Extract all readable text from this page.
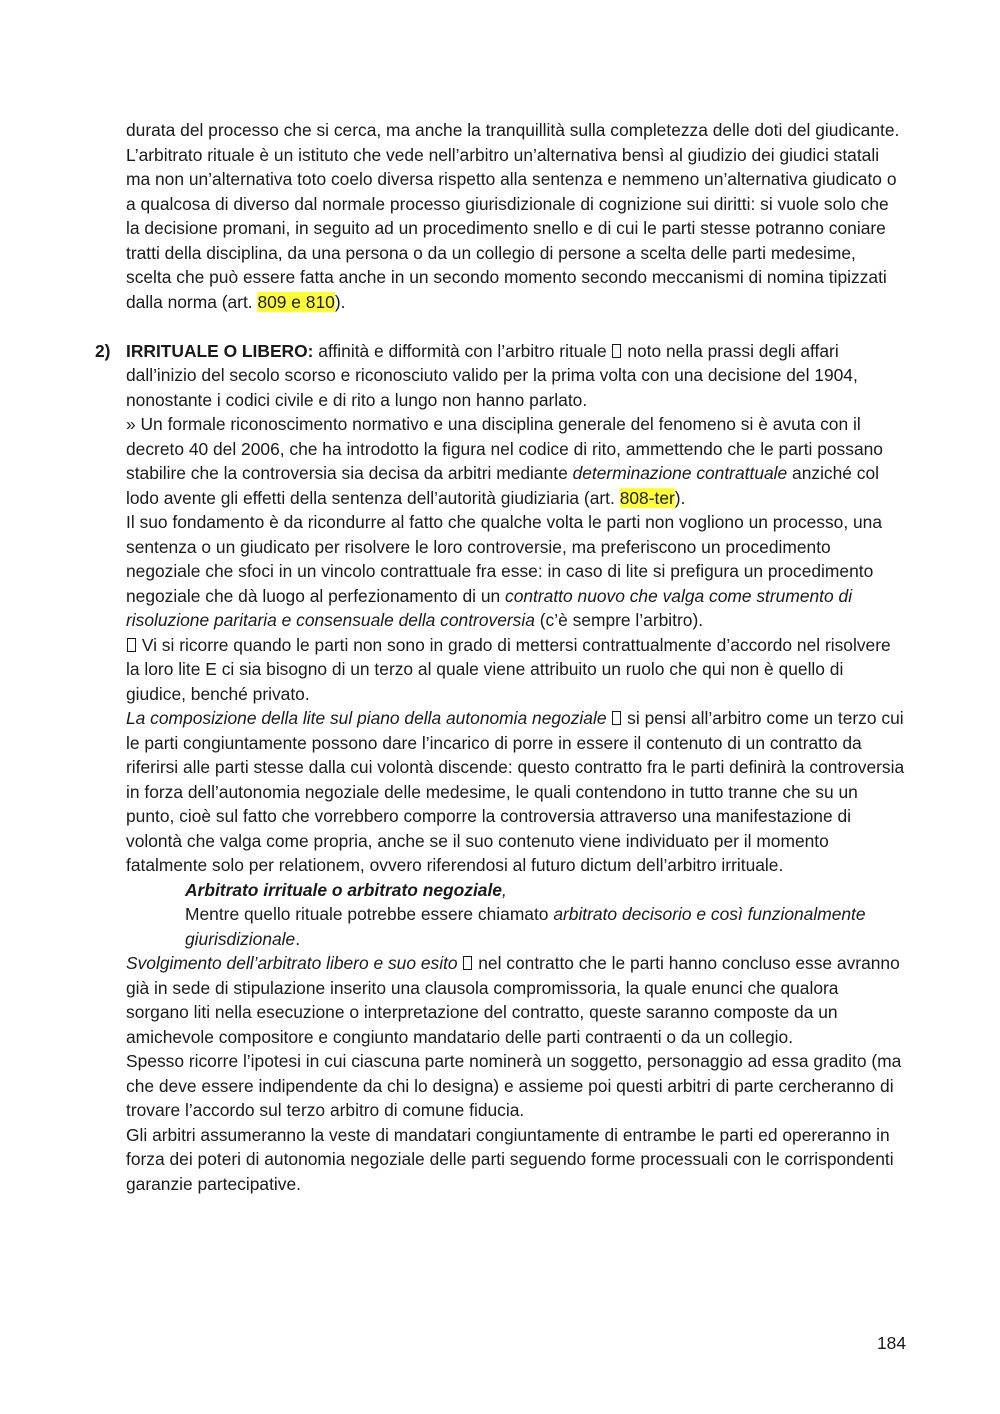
durata del processo che si cerca, ma anche la tranquillità sulla completezza delle doti del giudicante.

L’arbitrato rituale è un istituto che vede nell’arbitro un’alternativa bensì al giudizio dei giudici statali ma non un’alternativa toto coelo diversa rispetto alla sentenza e nemmeno un’alternativa giudicato o a qualcosa di diverso dal normale processo giurisdizionale di cognizione sui diritti: si vuole solo che la decisione promani, in seguito ad un procedimento snello e di cui le parti stesse potranno coniare tratti della disciplina, da una persona o da un collegio di persone a scelta delle parti medesime, scelta che può essere fatta anche in un secondo momento secondo meccanismi di nomina tipizzati dalla norma (art. 809 e 810).

2) IRRITUALE O LIBERO: affinità e difformità con l’arbitro rituale  noto nella prassi degli affari dall’inizio del secolo scorso e riconosciuto valido per la prima volta con una decisione del 1904, nonostante i codici civile e di rito a lungo non hanno parlato.

» Un formale riconoscimento normativo e una disciplina generale del fenomeno si è avuta con il decreto 40 del 2006, che ha introdotto la figura nel codice di rito, ammettendo che le parti possano stabilire che la controversia sia decisa da arbitri mediante determinazione contrattuale anziché col lodo avente gli effetti della sentenza dell’autorità giudiziaria (art. 808-ter).

Il suo fondamento è da ricondurre al fatto che qualche volta le parti non vogliono un processo, una sentenza o un giudicato per risolvere le loro controversie, ma preferiscono un procedimento negoziale che sfoci in un vincolo contrattuale fra esse: in caso di lite si prefigura un procedimento negoziale che dà luogo al perfezionamento di un contratto nuovo che valga come strumento di risoluzione paritaria e consensuale della controversia (c’è sempre l’arbitro).

Vi si ricorre quando le parti non sono in grado di mettersi contrattualmente d’accordo nel risolvere la loro lite E ci sia bisogno di un terzo al quale viene attribuito un ruolo che qui non è quello di giudice, benché privato.

La composizione della lite sul piano della autonomia negoziale  si pensi all’arbitro come un terzo cui le parti congiuntamente possono dare l’incarico di porre in essere il contenuto di un contratto da riferirsi alle parti stesse dalla cui volontà discende: questo contratto fra le parti definirà la controversia in forza dell’autonomia negoziale delle medesime, le quali contendono in tutto tranne che su un punto, cioè sul fatto che vorrebbero comporre la controversia attraverso una manifestazione di volontà che valga come propria, anche se il suo contenuto viene individuato per il momento fatalmente solo per relationem, ovvero riferendosi al futuro dictum dell’arbitro irrituale.

Arbitrato irrituale o arbitrato negoziale,

Mentre quello rituale potrebbe essere chiamato arbitrato decisorio e così funzionalmente giurisdizionale.

Svolgimento dell’arbitrato libero e suo esito  nel contratto che le parti hanno concluso esse avranno già in sede di stipulazione inserito una clausola compromissoria, la quale enunci che qualora sorgano liti nella esecuzione o interpretazione del contratto, queste saranno composte da un amichevole compositore e congiunto mandatario delle parti contraenti o da un collegio.

Spesso ricorre l’ipotesi in cui ciascuna parte nominerà un soggetto, personaggio ad essa gradito (ma che deve essere indipendente da chi lo designa) e assieme poi questi arbitri di parte cercheranno di trovare l’accordo sul terzo arbitro di comune fiducia.

Gli arbitri assumeranno la veste di mandatari congiuntamente di entrambe le parti ed opereranno in forza dei poteri di autonomia negoziale delle parti seguendo forme processuali con le corrispondenti garanzie partecipative.

184
